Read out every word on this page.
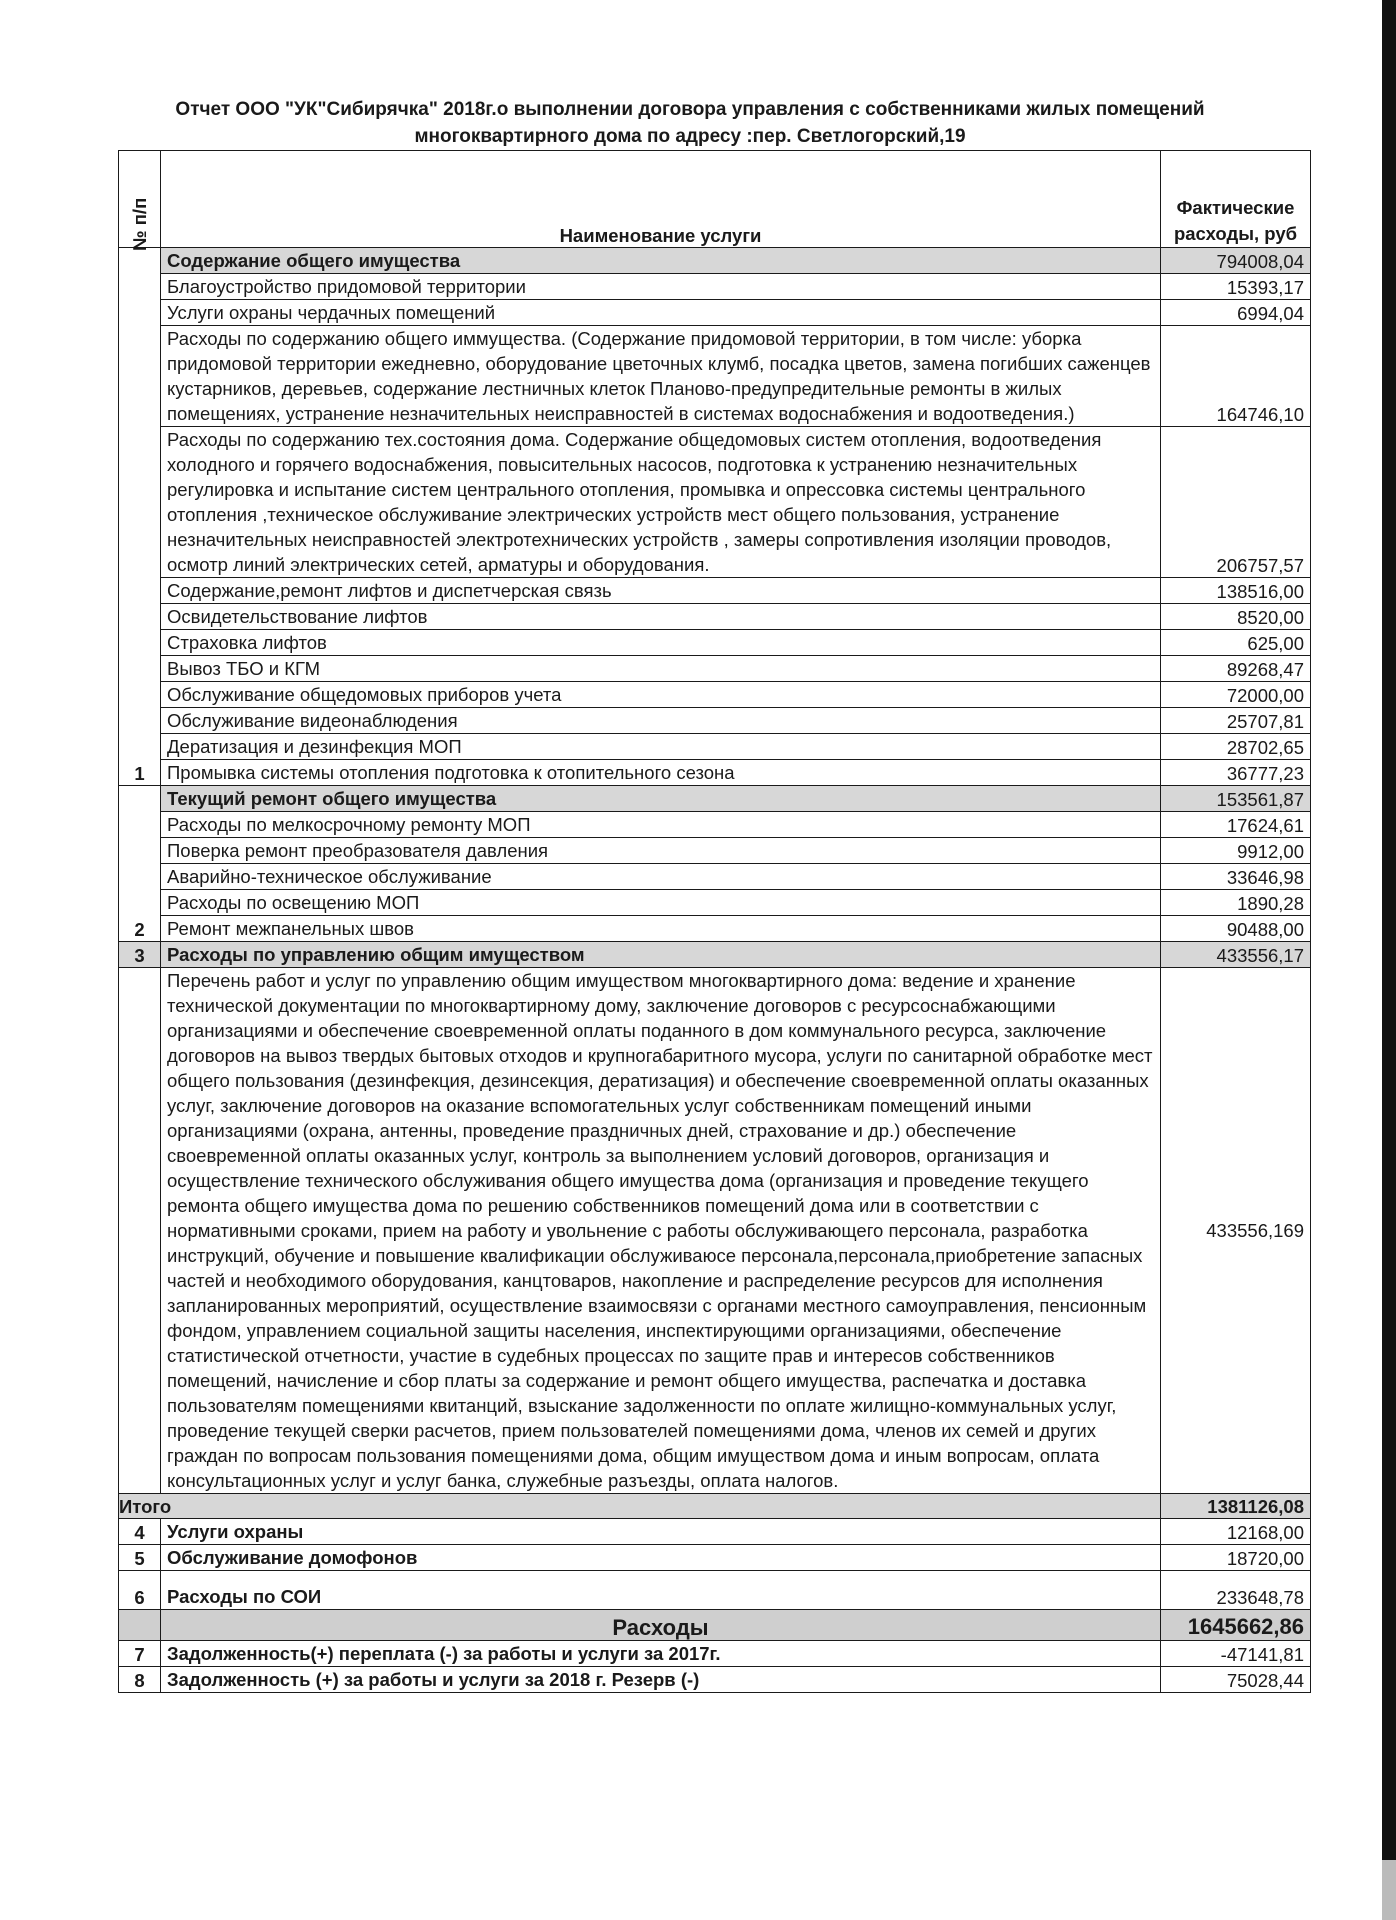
Отчет ООО "УК"Сибирячка" 2018г.о выполнении договора управления с собственниками жилых помещений
многоквартирного дома по адресу :пер. Светлогорский,19
№ п/п	Наименование услуги	Фактические
расходы, руб

1	Содержание общего имущества	794008,04
	Благоустройство придомовой территории	15393,17
	Услуги охраны чердачных помещений	6994,04
	Расходы по содержанию общего иммущества. (Содержание придомовой территории, в том числе: уборка придомовой территории ежедневно, оборудование цветочных клумб, посадка цветов, замена погибших саженцев кустарников, деревьев, содержание лестничных клеток Планово-предупредительные ремонты в жилых помещениях, устранение незначительных неисправностей в системах водоснабжения и водоотведения.)	164746,10
	Расходы по содержанию тех.состояния дома. Содержание общедомовых систем отопления, водоотведения холодного и горячего водоснабжения, повысительных насосов, подготовка к устранению незначительных регулировка и испытание систем центрального отопления, промывка и опрессовка системы центрального отопления ,техническое обслуживание электрических устройств мест общего пользования, устранение незначительных неисправностей электротехнических устройств , замеры сопротивления изоляции проводов, осмотр линий электрических сетей, арматуры и оборудования.	206757,57
	Содержание,ремонт лифтов и диспетчерская связь	138516,00
	Освидетельствование лифтов	8520,00
	Страховка лифтов	625,00
	Вывоз ТБО и КГМ	89268,47
	Обслуживание общедомовых приборов учета	72000,00
	Обслуживание видеонаблюдения	25707,81
	Дератизация и дезинфекция МОП	28702,65
	Промывка системы отопления подготовка к отопительного сезона	36777,23
2	Текущий ремонт общего имущества	153561,87
	Расходы по мелкосрочному ремонту МОП	17624,61
	Поверка ремонт преобразователя давления	9912,00
	Аварийно-техническое обслуживание	33646,98
	Расходы по освещению МОП	1890,28
	Ремонт межпанельных швов	90488,00
3	Расходы по управлению общим имуществом	433556,17
	Перечень работ и услуг по управлению общим имуществом многоквартирного дома: ведение и хранение технической документации по многоквартирному дому, заключение договоров с ресурсоснабжающими организациями и обеспечение своевременной оплаты поданного в дом коммунального ресурса, заключение договоров на вывоз твердых бытовых отходов и крупногабаритного мусора, услуги по санитарной обработке мест общего пользования (дезинфекция, дезинсекция, дератизация) и обеспечение своевременной оплаты оказанных услуг, заключение договоров на оказание вспомогательных услуг собственникам помещений иными организациями (охрана, антенны, проведение праздничных дней, страхование и др.) обеспечение своевременной оплаты оказанных услуг, контроль за выполнением условий договоров, организация и осуществление технического обслуживания общего имущества дома (организация и проведение текущего ремонта общего имущества дома по решению собственников помещений дома или в соответствии с нормативными сроками, прием на работу и увольнение с работы обслуживающего персонала, разработка инструкций, обучение и повышение квалификации обслуживаюсе персонала,персонала,приобретение запасных частей и необходимого оборудования, канцтоваров, накопление и распределение ресурсов для исполнения запланированных мероприятий, осуществление взаимосвязи с органами местного самоуправления, пенсионным фондом, управлением социальной защиты населения, инспектирующими организациями, обеспечение статистической отчетности, участие в судебных процессах по защите прав и интересов собственников помещений, начисление и сбор платы за содержание и ремонт общего имущества, распечатка и доставка пользователям помещениями квитанций, взыскание задолженности по оплате жилищно-коммунальных услуг, проведение текущей сверки расчетов, прием пользователей помещениями дома, членов их семей и других граждан по вопросам пользования помещениями дома, общим имуществом дома и иным вопросам, оплата консультационных услуг и услуг банка, служебные разъезды, оплата налогов.	433556,169
Итого		1381126,08
4	Услуги охраны	12168,00
5	Обслуживание домофонов	18720,00
6	Расходы по СОИ	233648,78
	Расходы	1645662,86
7	Задолженность(+) переплата (-) за работы и услуги за 2017г.	-47141,81
8	Задолженность (+) за работы и услуги за 2018 г. Резерв (-)	75028,44
